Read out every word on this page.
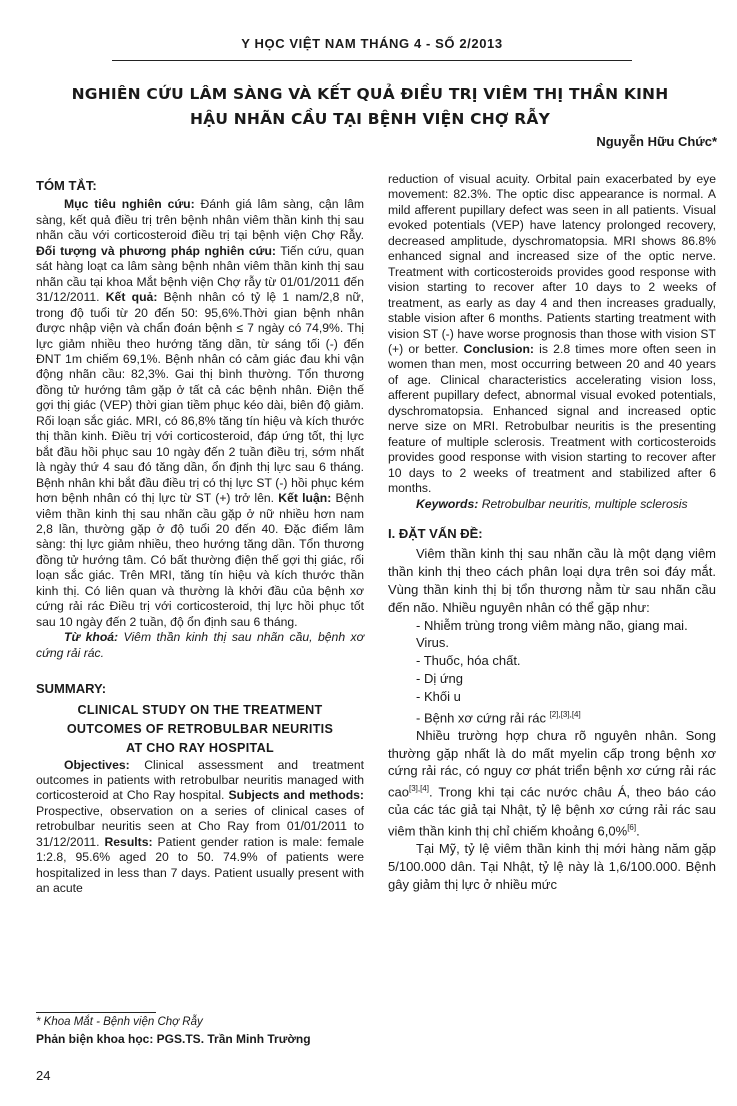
Y HỌC VIỆT NAM THÁNG 4 - SỐ 2/2013
NGHIÊN CỨU LÂM SÀNG VÀ KẾT QUẢ ĐIỀU TRỊ VIÊM THỊ THẦN KINH
HẬU NHÃN CẦU TẠI BỆNH VIỆN CHỢ RẪY
Nguyễn Hữu Chức*
TÓM TẮT:

Mục tiêu nghiên cứu: Đánh giá lâm sàng, cận lâm sàng, kết quả điều trị trên bệnh nhân viêm thần kinh thị sau nhãn cầu với corticosteroid điều trị tại bệnh viện Chợ Rẫy. Đối tượng và phương pháp nghiên cứu: Tiến cứu, quan sát hàng loạt ca lâm sàng bệnh nhân viêm thần kinh thị sau nhãn cầu tại khoa Mắt bệnh viện Chợ rẫy từ 01/01/2011 đến 31/12/2011. Kết quả: Bệnh nhân có tỷ lệ 1 nam/2,8 nữ, trong độ tuổi từ 20 đến 50: 95,6%.Thời gian bệnh nhân được nhập viện và chẩn đoán bệnh ≤ 7 ngày có 74,9%. Thị lực giảm nhiều theo hướng tăng dần, từ sáng tối (-) đến ĐNT 1m chiếm 69,1%. Bệnh nhân có cảm giác đau khi vận động nhãn cầu: 82,3%. Gai thị bình thường. Tổn thương đồng tử hướng tâm gặp ở tất cả các bệnh nhân. Điện thế gợi thị giác (VEP) thời gian tiềm phục kéo dài, biên độ giảm. Rối loạn sắc giác. MRI, có 86,8% tăng tín hiệu và kích thước thị thần kinh. Điều trị với corticosteroid, đáp ứng tốt, thị lực bắt đầu hồi phục sau 10 ngày đến 2 tuần điều trị, sớm nhất là ngày thứ 4 sau đó tăng dần, ổn định thị lực sau 6 tháng. Bệnh nhân khi bắt đầu điều trị có thị lực ST (-) hồi phục kém hơn bệnh nhân có thị lực từ ST (+) trở lên. Kết luận: Bệnh viêm thần kinh thị sau nhãn cầu gặp ở nữ nhiều hơn nam 2,8 lần, thường gặp ở độ tuổi 20 đến 40. Đặc điểm lâm sàng: thị lực giảm nhiều, theo hướng tăng dần. Tổn thương đồng tử hướng tâm. Có bất thường điện thế gợi thị giác, rối loạn sắc giác. Trên MRI, tăng tín hiệu và kích thước thần kinh thị. Có liên quan và thường là khởi đầu của bệnh xơ cứng rải rác Điều trị với corticosteroid, thị lực hồi phục tốt sau 10 ngày đến 2 tuần, độ ổn định sau 6 tháng.

Từ khoá: Viêm thần kinh thị sau nhãn cầu, bệnh xơ cứng rải rác.

SUMMARY:
CLINICAL STUDY ON THE TREATMENT
OUTCOMES OF RETROBULBAR NEURITIS
AT CHO RAY HOSPITAL

Objectives: Clinical assessment and treatment outcomes in patients with retrobulbar neuritis managed with corticosteroid at Cho Ray hospital. Subjects and methods: Prospective, observation on a series of clinical cases of retrobulbar neuritis seen at Cho Ray from 01/01/2011 to 31/12/2011. Results: Patient gender ration is male: female 1:2.8, 95.6% aged 20 to 50. 74.9% of patients were hospitalized in less than 7 days. Patient usually present with an acute

reduction of visual acuity. Orbital pain exacerbated by eye movement: 82.3%. The optic disc appearance is normal. A mild afferent pupillary defect was seen in all patients. Visual evoked potentials (VEP) have latency prolonged recovery, decreased amplitude, dyschromatopsia. MRI shows 86.8% enhanced signal and increased size of the optic nerve. Treatment with corticosteroids provides good response with vision starting to recover after 10 days to 2 weeks of treatment, as early as day 4 and then increases gradually, stable vision after 6 months. Patients starting treatment with vision ST (-) have worse prognosis than those with vision ST (+) or better. Conclusion: is 2.8 times more often seen in women than men, most occurring between 20 and 40 years of age. Clinical characteristics accelerating vision loss, afferent pupillary defect, abnormal visual evoked potentials, dyschromatopsia. Enhanced signal and increased optic nerve size on MRI. Retrobulbar neuritis is the presenting feature of multiple sclerosis. Treatment with corticosteroids provides good response with vision starting to recover after 10 days to 2 weeks of treatment and stabilized after 6 months.

Keywords: Retrobulbar neuritis, multiple sclerosis

I. ĐẶT VẤN ĐỀ:

Viêm thần kinh thị sau nhãn cầu là một dạng viêm thần kinh thị theo cách phân loại dựa trên soi đáy mắt. Vùng thần kinh thị bị tổn thương nằm từ sau nhãn cầu đến não. Nhiều nguyên nhân có thể gặp như:

- Nhiễm trùng trong viêm màng não, giang mai. Virus.

- Thuốc, hóa chất.

- Dị ứng

- Khối u

- Bệnh xơ cứng rải rác [2],[3],[4]

Nhiều trường hợp chưa rõ nguyên nhân. Song thường gặp nhất là do mất myelin cấp trong bệnh xơ cứng rải rác, có nguy cơ phát triển bệnh xơ cứng rải rác cao[3],[4]. Trong khi tại các nước châu Á, theo báo cáo của các tác giả tại Nhật, tỷ lệ bệnh xơ cứng rải rác sau viêm thần kinh thị chỉ chiếm khoảng 6,0%[6].

Tại Mỹ, tỷ lệ viêm thần kinh thị mới hàng năm gặp 5/100.000 dân. Tại Nhật, tỷ lệ này là 1,6/100.000. Bệnh gây giảm thị lực ở nhiều mức

* Khoa Mắt - Bệnh viện Chợ Rẫy
Phản biện khoa học: PGS.TS. Trần Minh Trường
24
